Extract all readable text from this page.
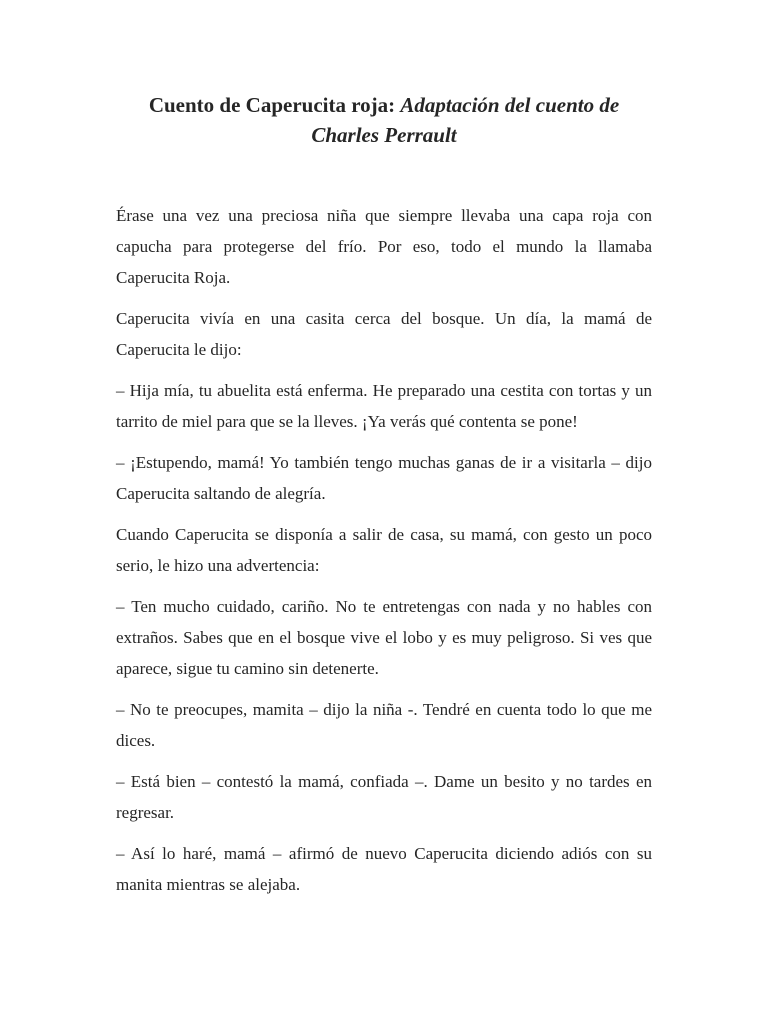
Cuento de Caperucita roja: Adaptación del cuento de
Charles Perrault

Érase una vez una preciosa niña que siempre llevaba una capa roja con capucha para protegerse del frío. Por eso, todo el mundo la llamaba Caperucita Roja.

Caperucita vivía en una casita cerca del bosque. Un día, la mamá de Caperucita le dijo:

– Hija mía, tu abuelita está enferma. He preparado una cestita con tortas y un tarrito de miel para que se la lleves. ¡Ya verás qué contenta se pone!

– ¡Estupendo, mamá! Yo también tengo muchas ganas de ir a visitarla – dijo Caperucita saltando de alegría.

Cuando Caperucita se disponía a salir de casa, su mamá, con gesto un poco serio, le hizo una advertencia:

– Ten mucho cuidado, cariño. No te entretengas con nada y no hables con extraños. Sabes que en el bosque vive el lobo y es muy peligroso. Si ves que aparece, sigue tu camino sin detenerte.

– No te preocupes, mamita – dijo la niña -. Tendré en cuenta todo lo que me dices.

– Está bien – contestó la mamá, confiada –. Dame un besito y no tardes en regresar.

– Así lo haré, mamá – afirmó de nuevo Caperucita diciendo adiós con su manita mientras se alejaba.
